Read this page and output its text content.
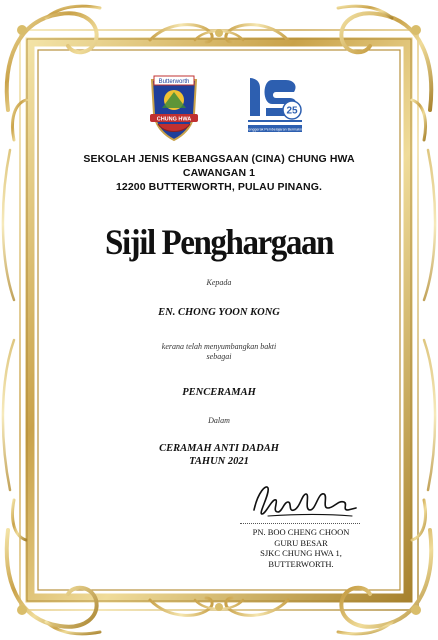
Butterworth
CHUNG HWA
25
Penggerak Pembelajaran Bermakna
SEKOLAH JENIS KEBANGSAAN (CINA) CHUNG HWA
CAWANGAN 1
12200 BUTTERWORTH, PULAU PINANG.
Sijil Penghargaan
Kepada
EN. CHONG YOON KONG
kerana telah menyumbangkan bakti
sebagai
PENCERAMAH
Dalam
CERAMAH ANTI DADAH
TAHUN 2021
PN. BOO CHENG CHOON
GURU BESAR
SJKC CHUNG HWA 1,
BUTTERWORTH.
